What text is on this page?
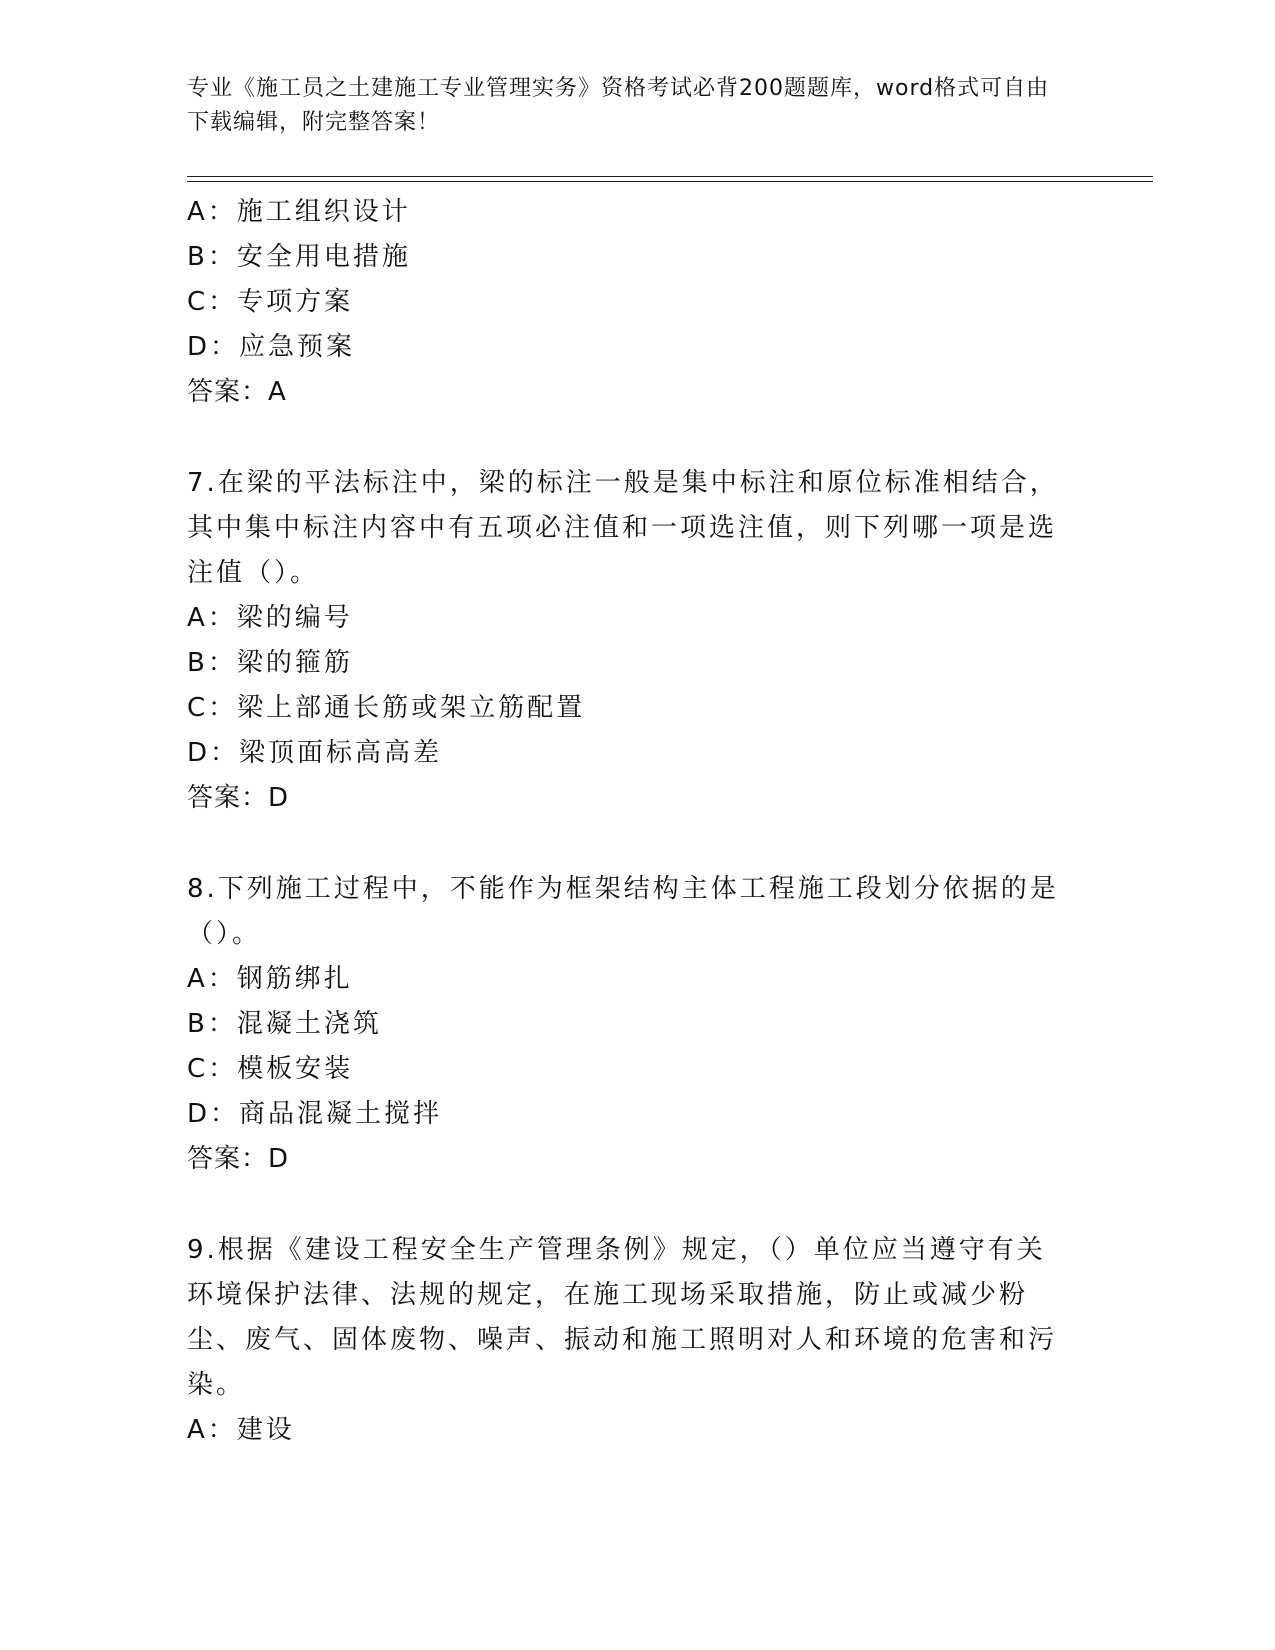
专业《施工员之土建施工专业管理实务》资格考试必背200题题库，word格式可自由下载编辑，附完整答案！
A：施工组织设计
B：安全用电措施
C：专项方案
D：应急预案
答案：A
7.在梁的平法标注中，梁的标注一般是集中标注和原位标准相结合，其中集中标注内容中有五项必注值和一项选注值，则下列哪一项是选注值（）。
A：梁的编号
B：梁的箍筋
C：梁上部通长筋或架立筋配置
D：梁顶面标高高差
答案：D
8.下列施工过程中，不能作为框架结构主体工程施工段划分依据的是（）。
A：钢筋绑扎
B：混凝土浇筑
C：模板安装
D：商品混凝土搅拌
答案：D
9.根据《建设工程安全生产管理条例》规定，（）单位应当遵守有关环境保护法律、法规的规定，在施工现场采取措施，防止或减少粉尘、废气、固体废物、噪声、振动和施工照明对人和环境的危害和污染。
A：建设
